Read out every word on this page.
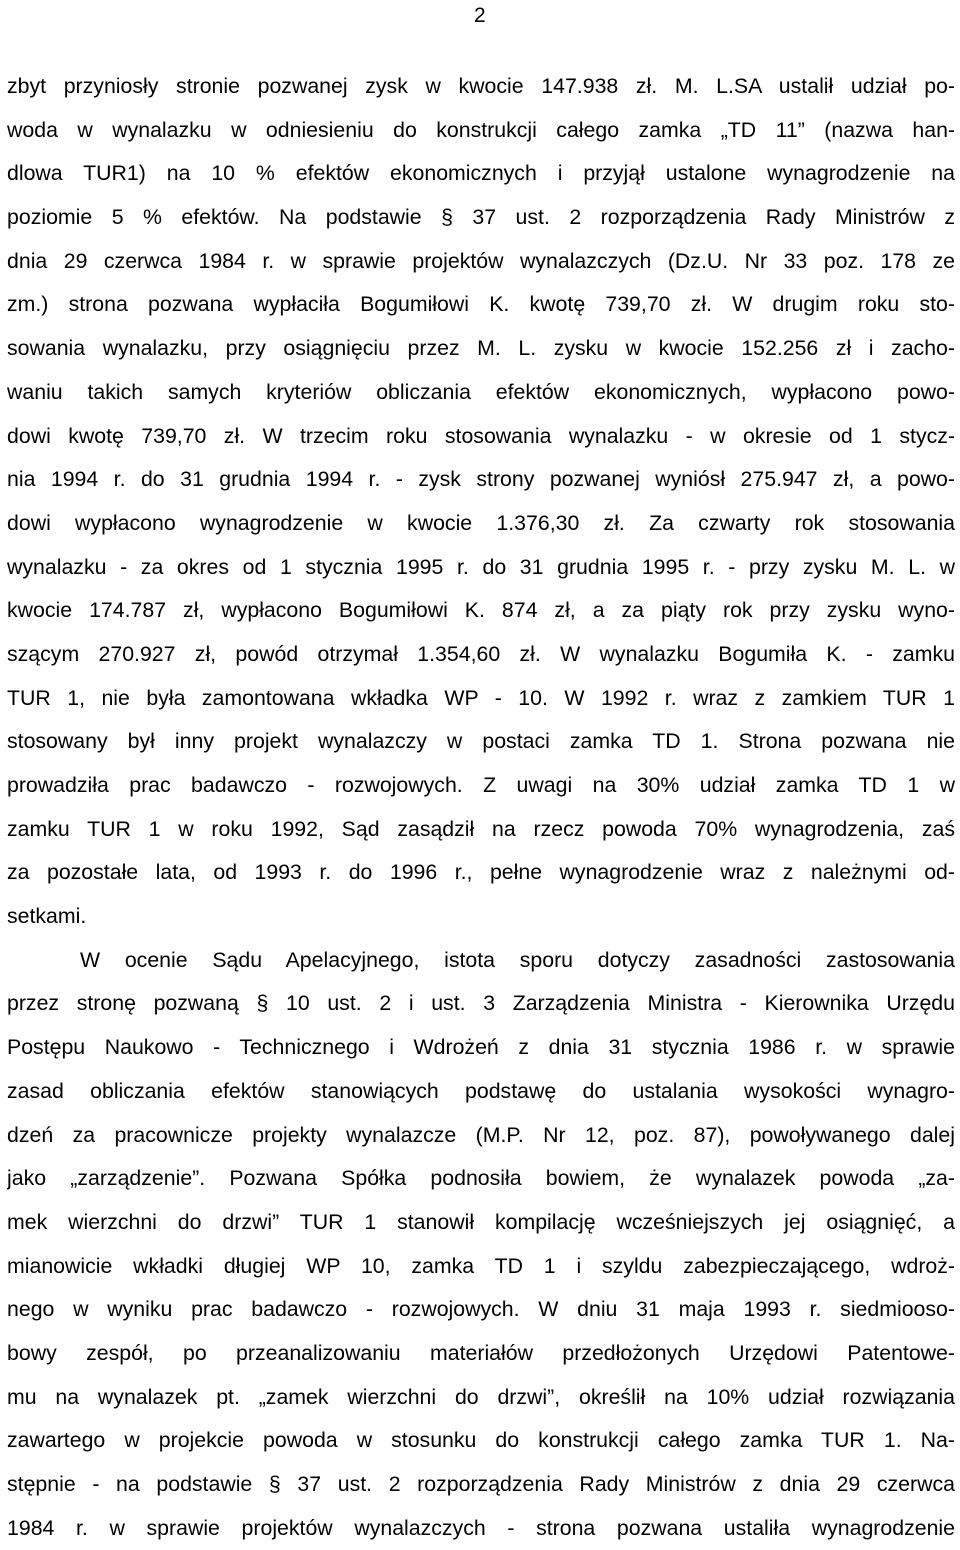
2
zbyt przyniosły stronie pozwanej zysk w kwocie 147.938 zł. M. L.SA ustalił udział po-
woda w wynalazku w odniesieniu do konstrukcji całego zamka „TD 11” (nazwa han-
dlowa TUR1) na 10 % efektów ekonomicznych i przyjął ustalone wynagrodzenie na
poziomie 5 % efektów. Na podstawie § 37 ust. 2 rozporządzenia Rady Ministrów z
dnia 29 czerwca 1984 r. w sprawie projektów wynalazczych (Dz.U. Nr 33 poz. 178 ze
zm.) strona pozwana wypłaciła Bogumiłowi K. kwotę 739,70 zł. W drugim roku sto-
sowania wynalazku, przy osiągnięciu przez M. L. zysku w kwocie 152.256 zł i zacho-
waniu takich samych kryteriów obliczania efektów ekonomicznych, wypłacono powo-
dowi kwotę 739,70 zł. W trzecim roku stosowania wynalazku - w okresie od 1 stycz-
nia 1994 r. do 31 grudnia 1994 r. - zysk strony pozwanej wyniósł 275.947 zł, a powo-
dowi wypłacono wynagrodzenie w kwocie 1.376,30 zł. Za czwarty rok stosowania
wynalazku - za okres od 1 stycznia 1995 r. do 31 grudnia 1995 r. - przy zysku M. L. w
kwocie 174.787 zł, wypłacono Bogumiłowi K. 874 zł, a za piąty rok przy zysku wyno-
szącym 270.927 zł, powód otrzymał 1.354,60 zł. W wynalazku Bogumiła K. - zamku
TUR 1, nie była zamontowana wkładka WP - 10. W 1992 r. wraz z zamkiem TUR 1
stosowany był inny projekt wynalazczy w postaci zamka TD 1. Strona pozwana nie
prowadziła prac badawczo - rozwojowych. Z uwagi na 30% udział zamka TD 1 w
zamku TUR 1 w roku 1992, Sąd zasądził na rzecz powoda 70% wynagrodzenia, zaś
za pozostałe lata, od 1993 r. do 1996 r., pełne wynagrodzenie wraz z należnymi od-
setkami.
W ocenie Sądu Apelacyjnego, istota sporu dotyczy zasadności zastosowania
przez stronę pozwaną § 10 ust. 2 i ust. 3 Zarządzenia Ministra - Kierownika Urzędu
Postępu Naukowo - Technicznego i Wdrożeń z dnia 31 stycznia 1986 r. w sprawie
zasad obliczania efektów stanowiących podstawę do ustalania wysokości wynagro-
dzeń za pracownicze projekty wynalazcze (M.P. Nr 12, poz. 87), powoływanego dalej
jako „zarządzenie”. Pozwana Spółka podnosiła bowiem, że wynalazek powoda „za-
mek wierzchni do drzwi” TUR 1 stanowił kompilację wcześniejszych jej osiągnięć, a
mianowicie wkładki długiej WP 10, zamka TD 1 i szyldu zabezpieczającego, wdroż-
nego w wyniku prac badawczo - rozwojowych. W dniu 31 maja 1993 r. siedmiooso-
bowy zespół, po przeanalizowaniu materiałów przedłożonych Urzędowi Patentowe-
mu na wynalazek pt. „zamek wierzchni do drzwi”, określił na 10% udział rozwiązania
zawartego w projekcie powoda w stosunku do konstrukcji całego zamka TUR 1. Na-
stępnie - na podstawie § 37 ust. 2 rozporządzenia Rady Ministrów z dnia 29 czerwca
1984 r. w sprawie projektów wynalazczych - strona pozwana ustaliła wynagrodzenie
